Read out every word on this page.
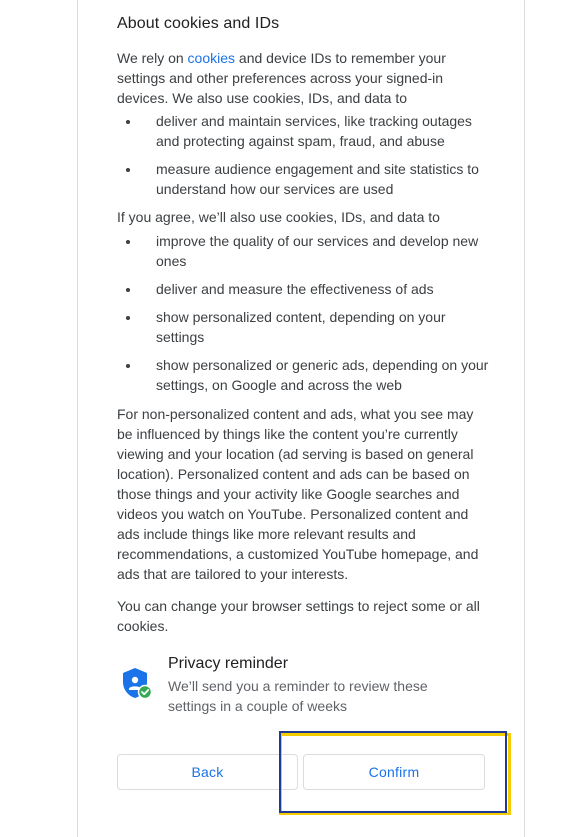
About cookies and IDs
We rely on cookies and device IDs to remember your settings and other preferences across your signed-in devices. We also use cookies, IDs, and data to
deliver and maintain services, like tracking outages and protecting against spam, fraud, and abuse
measure audience engagement and site statistics to understand how our services are used
If you agree, we’ll also use cookies, IDs, and data to
improve the quality of our services and develop new ones
deliver and measure the effectiveness of ads
show personalized content, depending on your settings
show personalized or generic ads, depending on your settings, on Google and across the web
For non-personalized content and ads, what you see may be influenced by things like the content you’re currently viewing and your location (ad serving is based on general location). Personalized content and ads can be based on those things and your activity like Google searches and videos you watch on YouTube. Personalized content and ads include things like more relevant results and recommendations, a customized YouTube homepage, and ads that are tailored to your interests.
You can change your browser settings to reject some or all cookies.
Privacy reminder
We’ll send you a reminder to review these settings in a couple of weeks
Back	Confirm
